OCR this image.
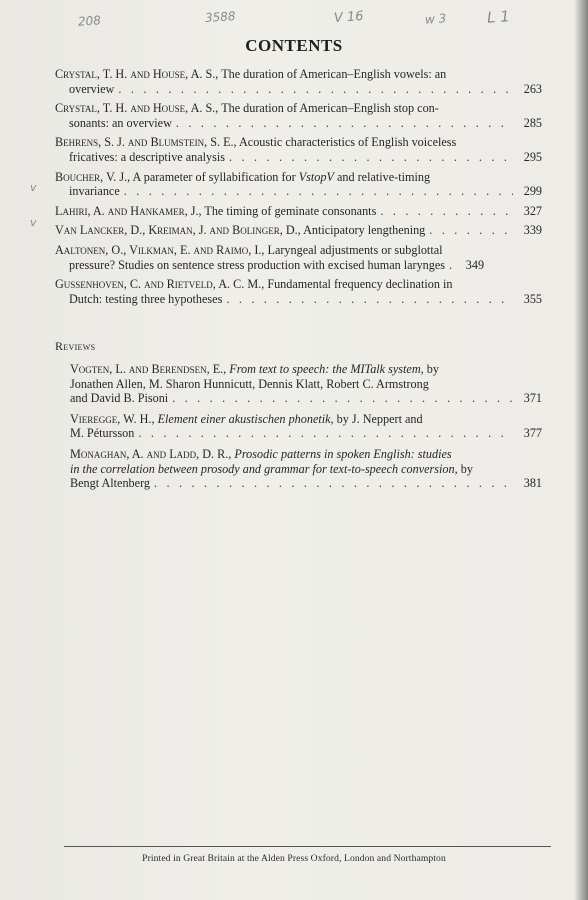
208	3588	V 16	w 3	L 1
v
v
CONTENTS
Crystal, T. H. and House, A. S., The duration of American–English vowels: an
overview . . .	263
Crystal, T. H. and House, A. S., The duration of American–English stop con-
sonants: an overview . . .	285
Behrens, S. J. and Blumstein, S. E., Acoustic characteristics of English voiceless
fricatives: a descriptive analysis . . .	295
Boucher, V. J., A parameter of syllabification for VstopV and relative-timing
invariance . . .	299
Lahiri, A. and Hankamer, J., The timing of geminate consonants . . .	327
Van Lancker, D., Kreiman, J. and Bolinger, D., Anticipatory lengthening . . .	339
Aaltonen, O., Vilkman, E. and Raimo, I., Laryngeal adjustments or subglottal
pressure? Studies on sentence stress production with excised human larynges . . .	349
Gussenhoven, C. and Rietveld, A. C. M., Fundamental frequency declination in
Dutch: testing three hypotheses . . .	355
Reviews
Vogten, L. and Berendsen, E., From text to speech: the MITalk system, by
Jonathen Allen, M. Sharon Hunnicutt, Dennis Klatt, Robert C. Armstrong
and David B. Pisoni . . .	371
Vieregge, W. H., Element einer akustischen phonetik, by J. Neppert and
M. Pétursson . . .	377
Monaghan, A. and Ladd, D. R., Prosodic patterns in spoken English: studies
in the correlation between prosody and grammar for text-to-speech conversion, by
Bengt Altenberg . . .	381
Printed in Great Britain at the Alden Press Oxford, London and Northampton
